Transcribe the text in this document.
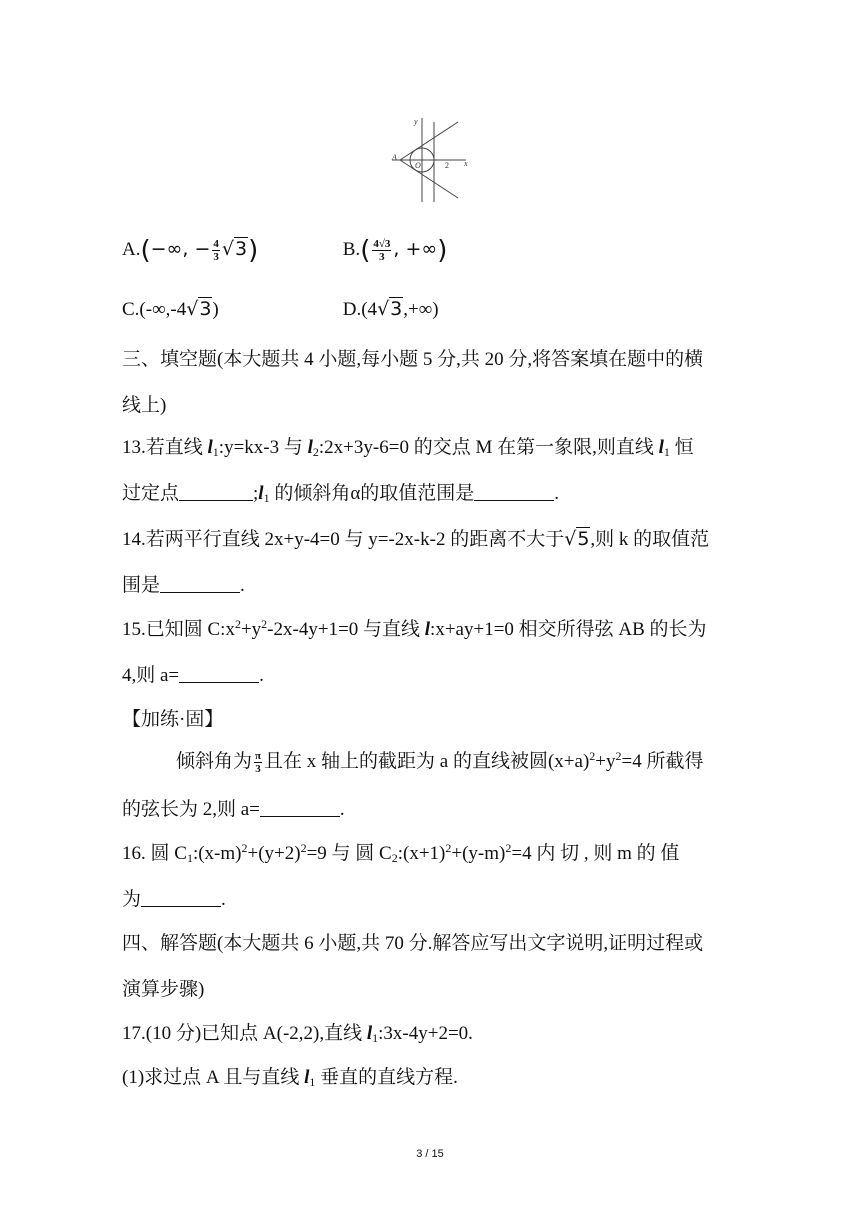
y
x
O
A
2
A.(−∞, − $\frac{4}{3} √3$)	$B.( \frac{4√3}{3}$ , +∞)
C.(-∞,-4√3)	D.(4√3,+∞)
三、填空题(本大题共 4 小题,每小题 5 分,共 20 分,将答案填在题中的横
线上)
13.若直线 $l_1:y=kx-3$ 与 $l_2:2x+3y-6=0$ 的交点 M 在第一象限,则直线 $l_1$ 恒
过定点	$;l_1$ 的倾斜角α的取值范围是	.
14.若两平行直线 2x+y-4=0 与 y=-2x-k-2 的距离不大于√5,则 k 的取值范
围是	.
15.已知圆 $C:x^2+y^2-2x-4y+1=0$ 与直线 l:x+ay+1=0 相交所得弦 AB 的长为
4,则 a=	.
【加练·固】
倾斜角为 $\frac{\pi}{3}$ 且在 x 轴上的截距为 a 的直线被圆$(x+a)^2+y^2=4$ 所截得
的弦长为 2,则 a=	.
16. 圆 $C_1:(x-m)^2+(y+2)^2=9$ 与 圆 $C_2:(x+1)^2+(y-m)^2=4$ 内 切 , 则 m 的 值
为	.
四、解答题(本大题共 6 小题,共 70 分.解答应写出文字说明,证明过程或
演算步骤)
17.(10 分)已知点 A(-2,2),直线 $l_1:3x-4y+2=0$.
(1)求过点 A 且与直线 $l_1$ 垂直的直线方程.
3 / 15
